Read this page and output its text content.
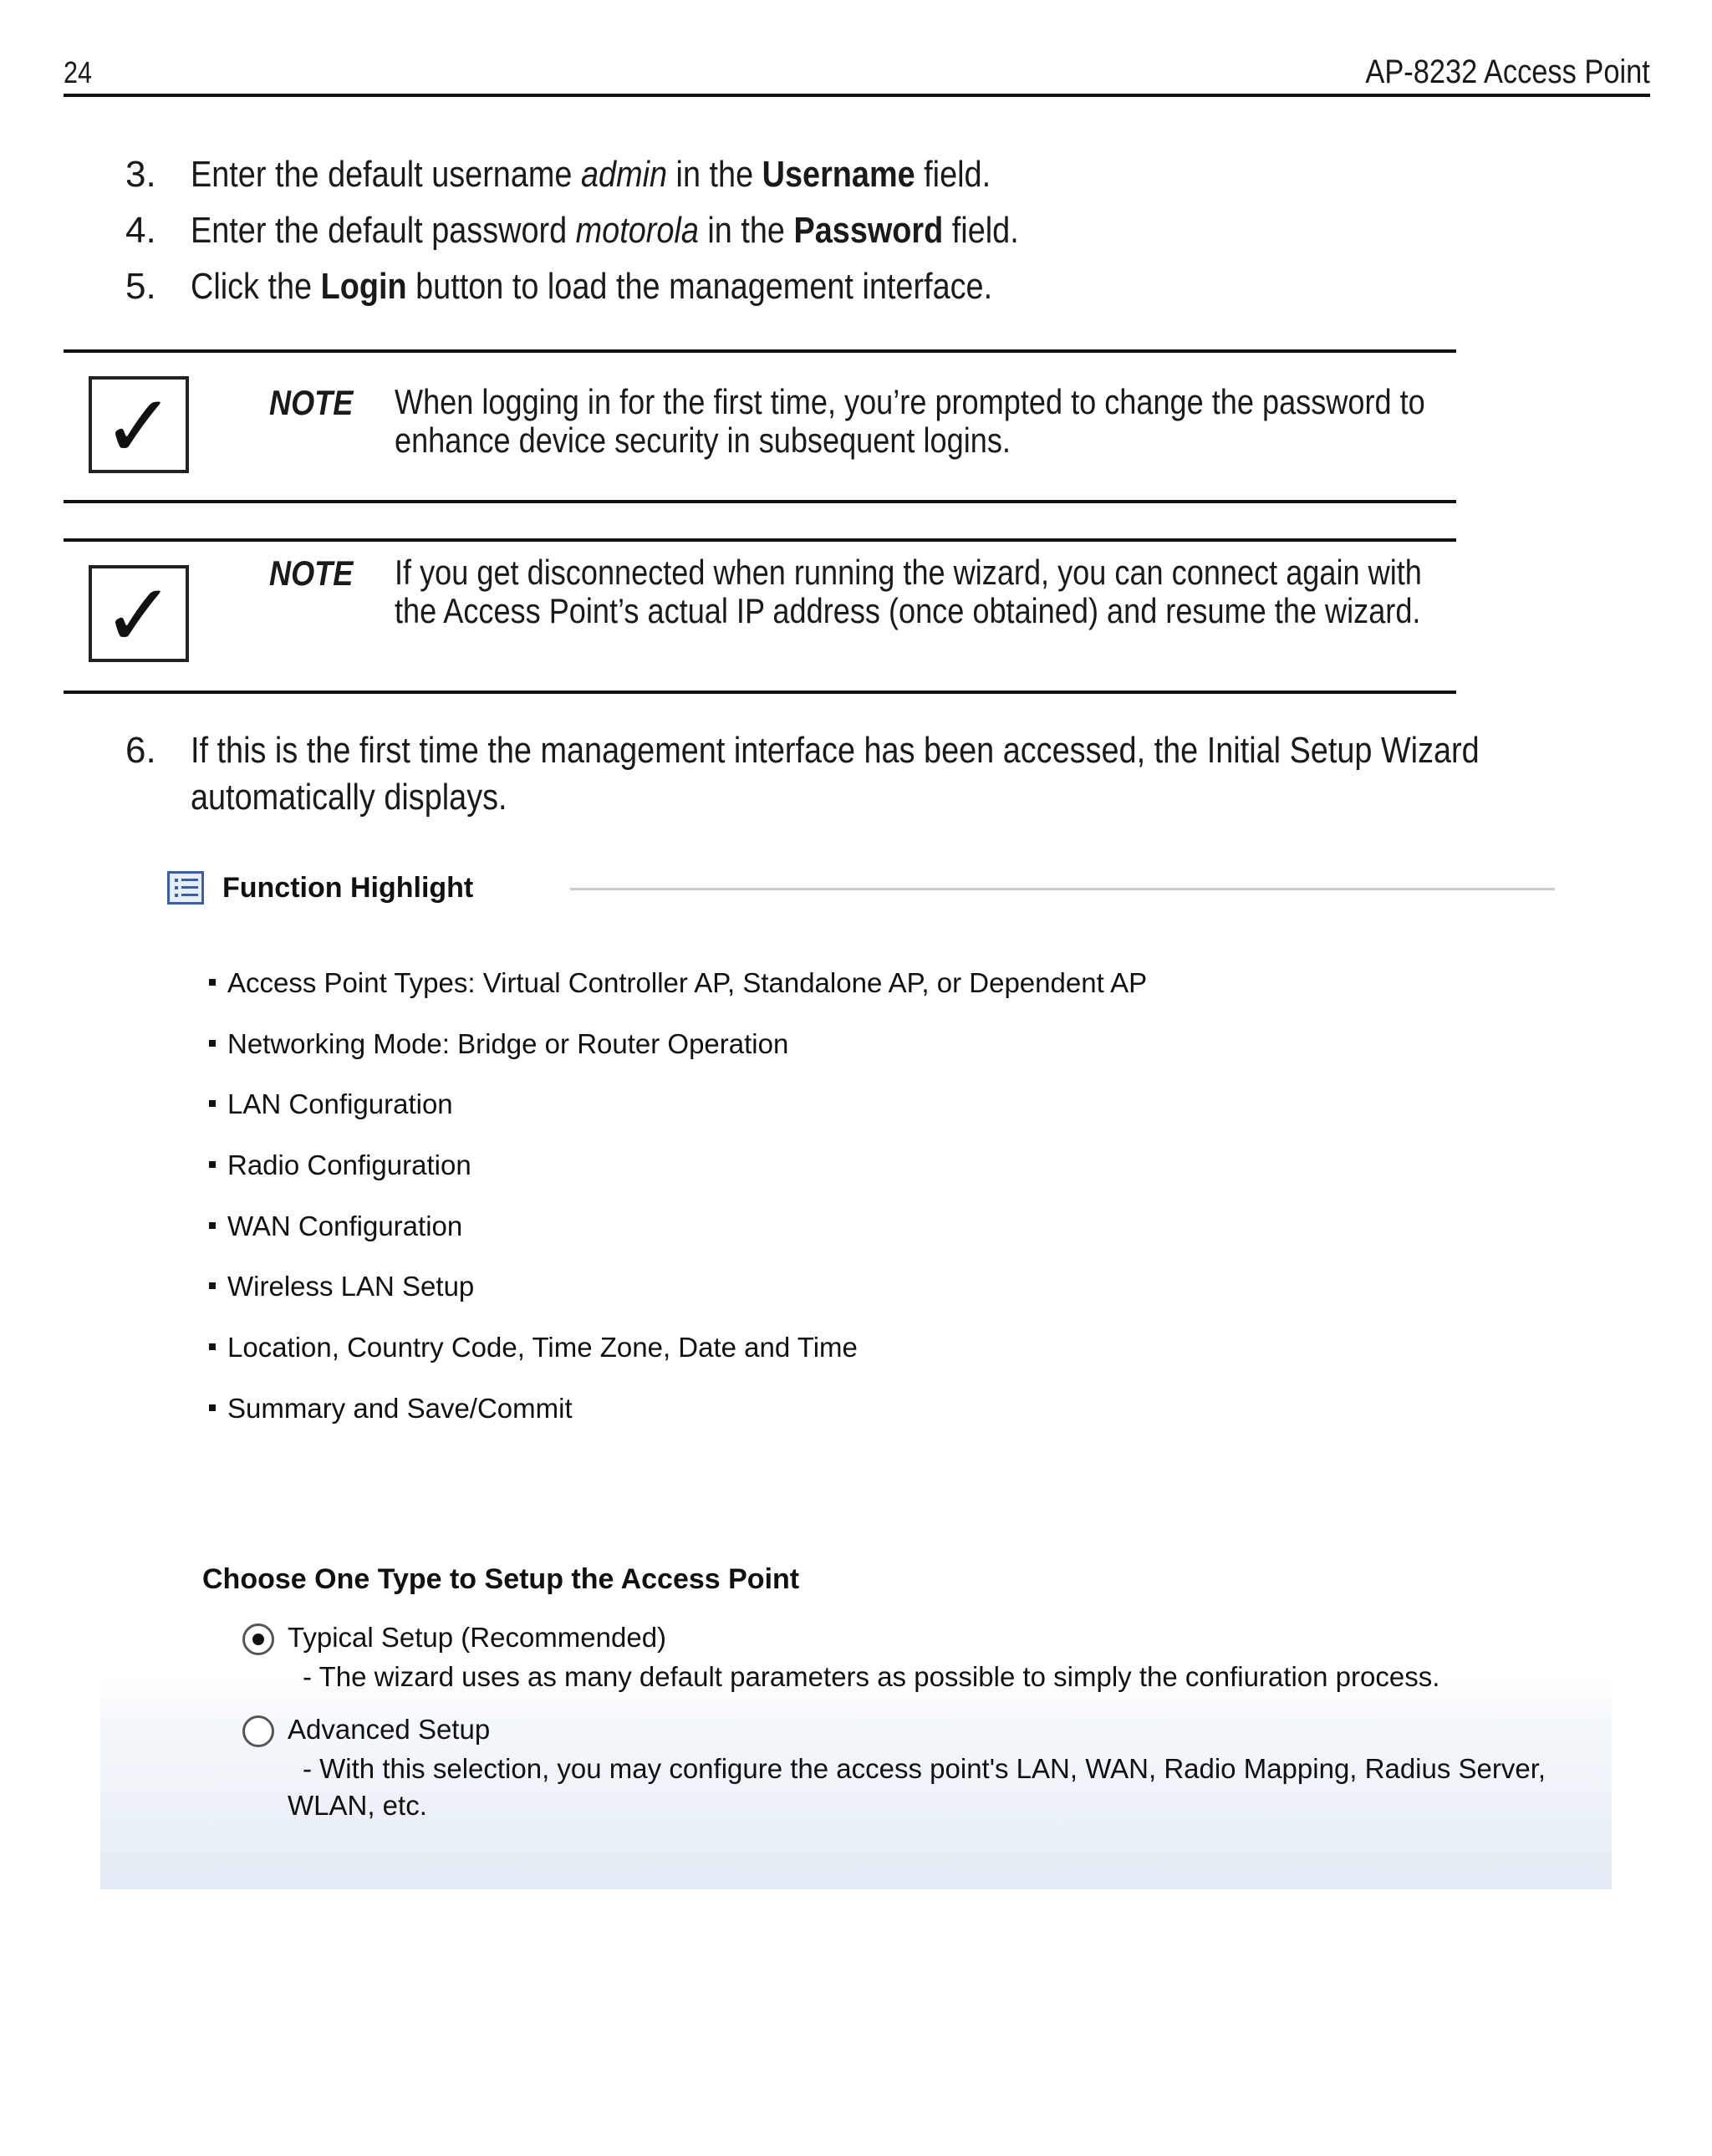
24	AP-8232 Access Point
3. Enter the default username admin in the Username field.
4. Enter the default password motorola in the Password field.
5. Click the Login button to load the management interface.
✓	NOTE When logging in for the first time, you’re prompted to change the password to enhance device security in subsequent logins.
✓	NOTE If you get disconnected when running the wizard, you can connect again with the Access Point’s actual IP address (once obtained) and resume the wizard.
6. If this is the first time the management interface has been accessed, the Initial Setup Wizard automatically displays.
Function Highlight
Access Point Types: Virtual Controller AP, Standalone AP, or Dependent AP
Networking Mode: Bridge or Router Operation
LAN Configuration
Radio Configuration
WAN Configuration
Wireless LAN Setup
Location, Country Code, Time Zone, Date and Time
Summary and Save/Commit
Choose One Type to Setup the Access Point
Typical Setup (Recommended)
- The wizard uses as many default parameters as possible to simply the confiuration process.
Advanced Setup
- With this selection, you may configure the access point's LAN, WAN, Radio Mapping, Radius Server, WLAN, etc.
